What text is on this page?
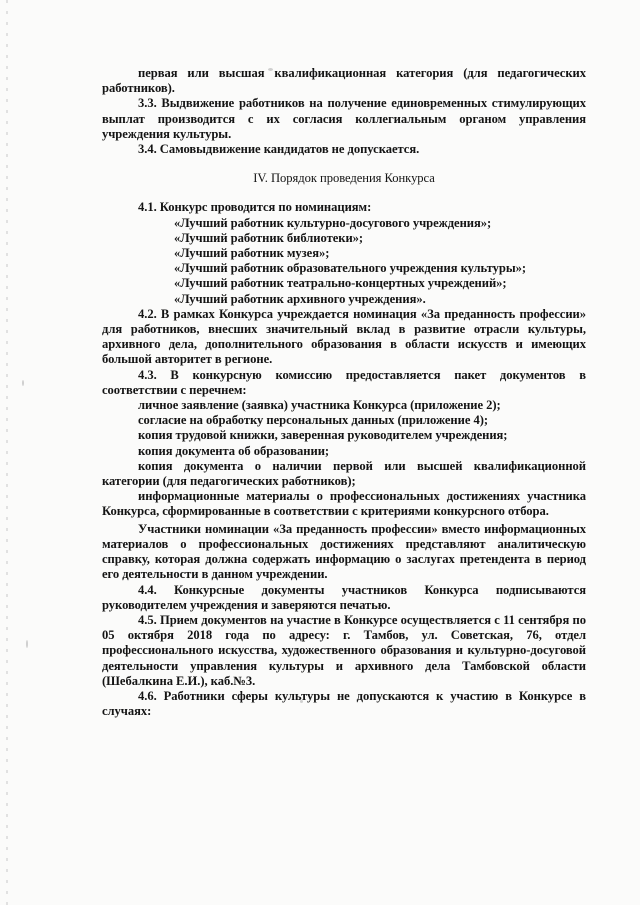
первая или высшая квалификационная категория (для педагогических работников).

3.3. Выдвижение работников на получение единовременных стимулирующих выплат производится с их согласия коллегиальным органом управления учреждения культуры.

3.4. Самовыдвижение кандидатов не допускается.

IV. Порядок проведения Конкурса

4.1. Конкурс проводится по номинациям:

«Лучший работник культурно-досугового учреждения»;

«Лучший работник библиотеки»;

«Лучший работник музея»;

«Лучший работник образовательного учреждения культуры»;

«Лучший работник театрально-концертных учреждений»;

«Лучший работник архивного учреждения».

4.2. В рамках Конкурса учреждается номинация «За преданность профессии» для работников, внесших значительный вклад в развитие отрасли культуры, архивного дела, дополнительного образования в области искусств и имеющих большой авторитет в регионе.

4.3. В конкурсную комиссию предоставляется пакет документов в соответствии с перечнем:

личное заявление (заявка) участника Конкурса (приложение 2);

согласие на обработку персональных данных (приложение 4);

копия трудовой книжки, заверенная руководителем учреждения;

копия документа об образовании;

копия документа о наличии первой или высшей квалификационной категории (для педагогических работников);

информационные материалы о профессиональных достижениях участника Конкурса, сформированные в соответствии с критериями конкурсного отбора.

Участники номинации «За преданность профессии» вместо информационных материалов о профессиональных достижениях представляют аналитическую справку, которая должна содержать информацию о заслугах претендента в период его деятельности в данном учреждении.

4.4. Конкурсные документы участников Конкурса подписываются руководителем учреждения и заверяются печатью.

4.5. Прием документов на участие в Конкурсе осуществляется с 11 сентября по 05 октября 2018 года по адресу: г. Тамбов, ул. Советская, 76, отдел профессионального искусства, художественного образования и культурно-досуговой деятельности управления культуры и архивного дела Тамбовской области (Шебалкина Е.И.), каб.№3.

4.6. Работники сферы культуры не допускаются к участию в Конкурсе в случаях:
